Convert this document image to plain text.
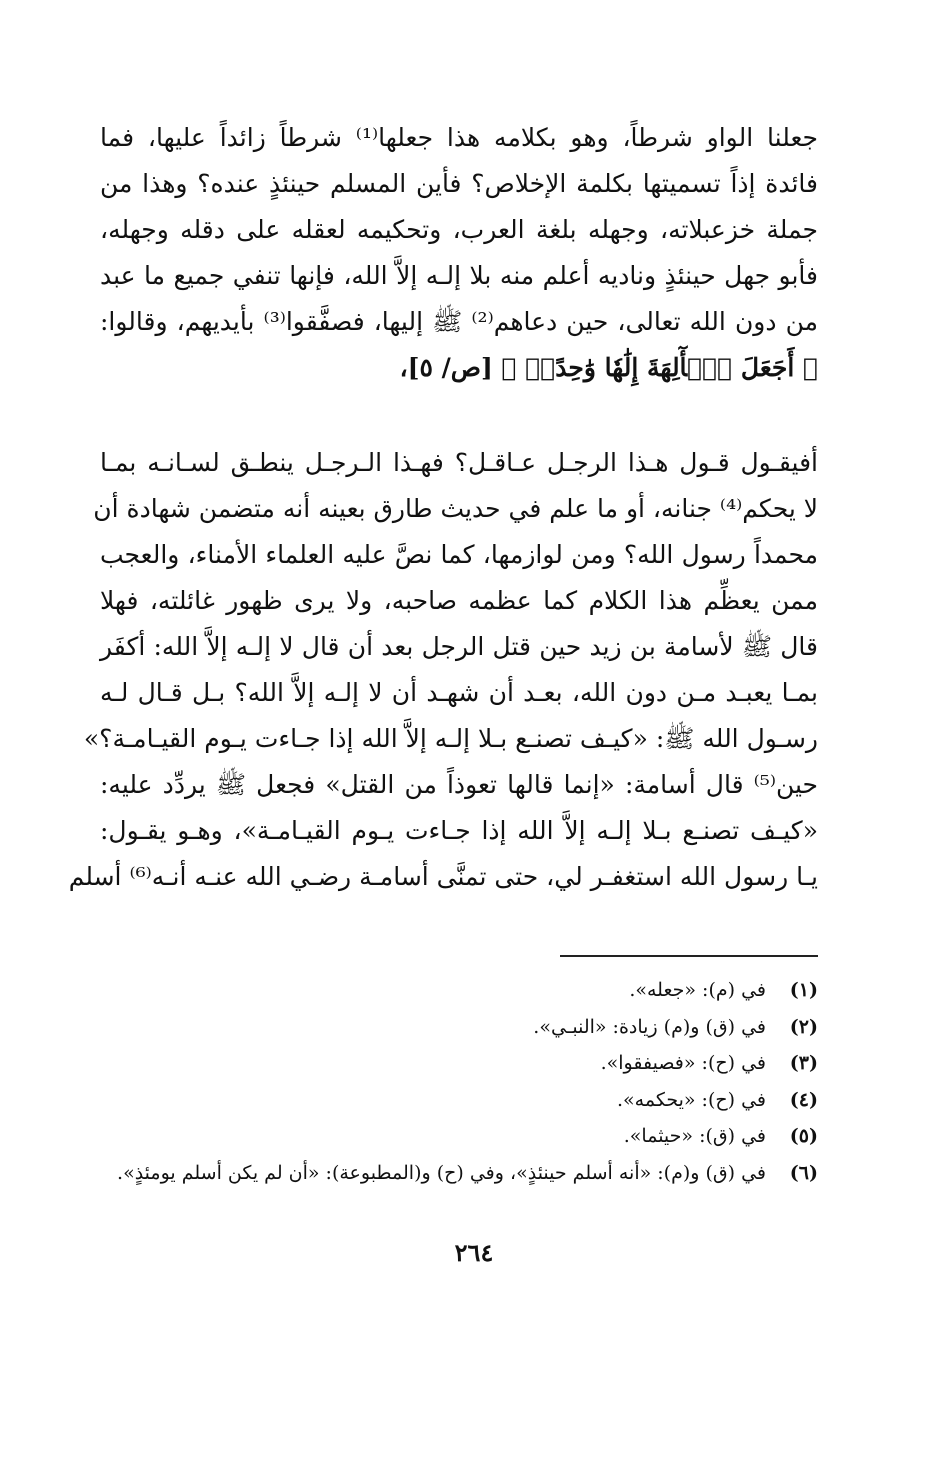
جعلنا الواو شرطاً، وهو بكلامه هذا جعلها⁽¹⁾ شرطاً زائداً عليها، فما
فائدة إذاً تسميتها بكلمة الإخلاص؟ فأين المسلم حينئذٍ عنده؟ وهذا من
جملة خزعبلاته، وجهله بلغة العرب، وتحكيمه لعقله على دقله وجهله،
فأبو جهل حينئذٍ وناديه أعلم منه بلا إلـه إلاَّ الله، فإنها تنفي جميع ما عبد
من دون الله تعالى، حين دعاهم⁽²⁾ ﷺ إليها، فصفَّقوا⁽³⁾ بأيديهم، وقالوا:
﴿ أَجَعَلَ ٱلۡأٓلِهَةَ إِلَٰهٗا وَٰحِدًاۖ ﴾ [ص/ ٥]،
أفيقـول قـول هـذا الرجـل عـاقـل؟ فهـذا الـرجـل ينطـق لسـانـه بمـا
لا يحكم⁽⁴⁾ جنانه، أو ما علم في حديث طارق بعينه أنه متضمن شهادة أن
محمداً رسول الله؟ ومن لوازمها، كما نصَّ عليه العلماء الأمناء، والعجب
ممن يعظِّم هذا الكلام كما عظمه صاحبه، ولا يرى ظهور غائلته، فهلا
قال ﷺ لأسامة بن زيد حين قتل الرجل بعد أن قال لا إلـه إلاَّ الله: أكفَر
بمـا يعبـد مـن دون الله، بعـد أن شهـد أن لا إلـه إلاَّ الله؟ بـل قـال لـه
رسـول الله ﷺ: «كيـف تصنـع بـلا إلـه إلاَّ الله إذا جـاءت يـوم القيـامـة؟»
حين⁽⁵⁾ قال أسامة: «إنما قالها تعوذاً من القتل» فجعل ﷺ يردِّد عليه:
«كيـف تصنـع بـلا إلـه إلاَّ الله إذا جـاءت يـوم القيـامـة»، وهـو يقـول:
يـا رسول الله استغفـر لي، حتى تمنَّى أسامـة رضـي الله عنـه أنـه⁽⁶⁾ أسلم
(١)في (م): «جعله».
(٢)في (ق) و(م) زيادة: «النبـي».
(٣)في (ح): «فصيفقوا».
(٤)في (ح): «يحكمه».
(٥)في (ق): «حيثما».
(٦)في (ق) و(م): «أنه أسلم حينئذٍ»، وفي (ح) و(المطبوعة): «أن لم يكن أسلم يومئذٍ».
٢٦٤
